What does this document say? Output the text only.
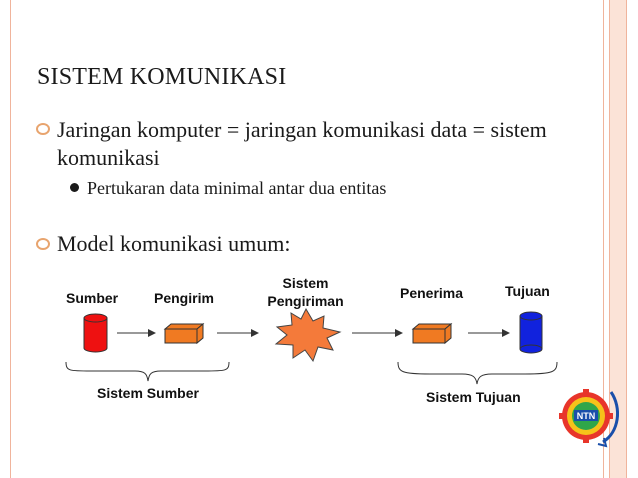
SISTEM KOMUNIKASI
Jaringan komputer = jaringan komunikasi data = sistem komunikasi
Pertukaran data minimal antar dua entitas
Model komunikasi umum:
Sumber	Pengirim
Sistem
Pengiriman	Penerima	Tujuan
Sistem Sumber	Sistem Tujuan
NTN
